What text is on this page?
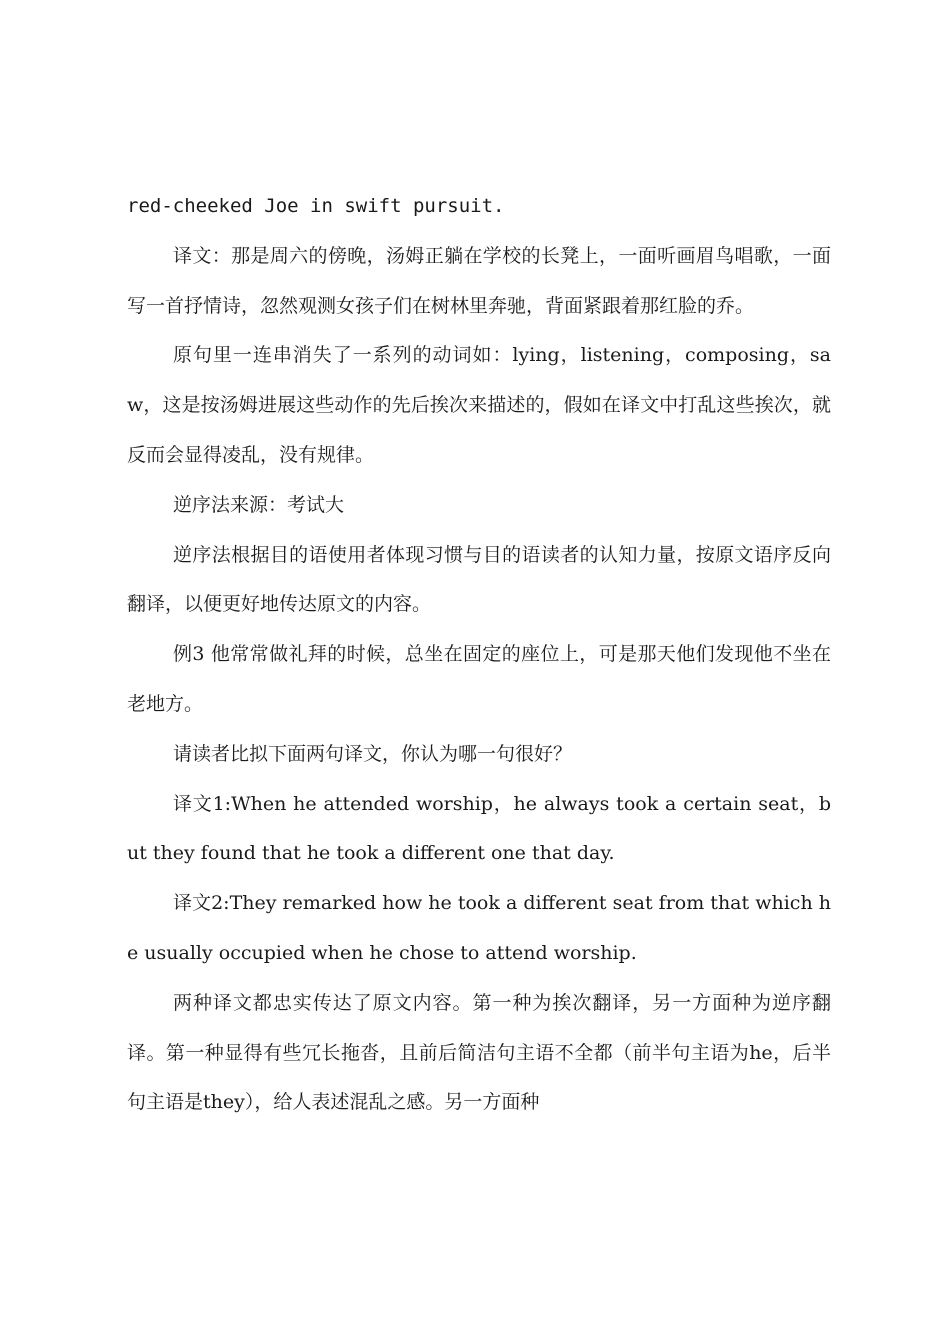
red-cheeked Joe in swift pursuit.

译文：那是周六的傍晚，汤姆正躺在学校的长凳上，一面听画眉鸟唱歌，一面写一首抒情诗，忽然观测女孩子们在树林里奔驰，背面紧跟着那红脸的乔。

原句里一连串消失了一系列的动词如：lying，listening，composing，saw，这是按汤姆进展这些动作的先后挨次来描述的，假如在译文中打乱这些挨次，就反而会显得凌乱，没有规律。

逆序法来源：考试大

逆序法根据目的语使用者体现习惯与目的语读者的认知力量，按原文语序反向翻译，以便更好地传达原文的内容。

例3 他常常做礼拜的时候，总坐在固定的座位上，可是那天他们发现他不坐在老地方。

请读者比拟下面两句译文，你认为哪一句很好？

译文1:When he attended worship，he always took a certain seat，but they found that he took a different one that day.

译文2:They remarked how he took a different seat from that which he usually occupied when he chose to attend worship.

两种译文都忠实传达了原文内容。第一种为挨次翻译，另一方面种为逆序翻译。第一种显得有些冗长拖沓，且前后简洁句主语不全都（前半句主语为he，后半句主语是they），给人表述混乱之感。另一方面种
